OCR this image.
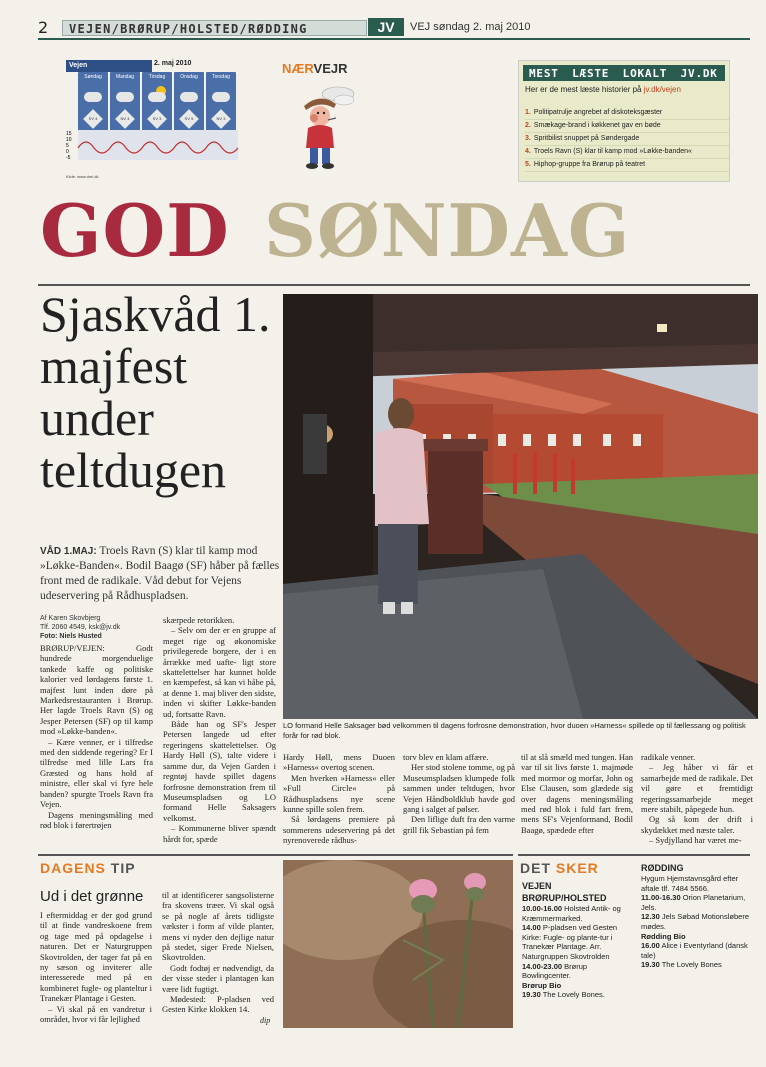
2	VEJEN/BRØRUP/HOLSTED/RØDDING	JV	VEJ søndag 2. maj 2010
Vejen	2. maj 2010
Søndag
SV 4
Mandag
NV 4
Tirsdag
SV 3
Onsdag
SV 5
Torsdag
NV 3
15
10
5
0
-5
Kilde: www.dmi.dk
NÆRVEJR	MEST LÆSTE LOKALT JV.DK
Her er de mest læste historier på jv.dk/vejen
1. Politipatrulje angrebet af diskoteksgæster
2. Smækage-brand i køkkenet gav en bøde
3. Spritbilist snuppet på Søndergade
4. Troels Ravn (S) klar til kamp mod »Løkke-banden«
5. Hiphop-gruppe fra Brørup på teatret
GOD SØNDAG
Sjaskvåd 1. majfest under teltdugen
VÅD 1.MAJ: Troels Ravn (S) klar til kamp mod »Løkke-Banden«. Bodil Baagø (SF) håber på fælles front med de radikale. Våd debut for Vejens udeservering på Rådhuspladsen.
Af Karen Skovbjerg
Tlf. 2060 4549, ksk@jv.dk
Foto: Niels Husted
LO formand Helle Saksager bød velkommen til dagens forfrosne demonstration, hvor duoen »Harness« spillede op til fællessang og politisk forår for rød blok.

BRØRUP/VEJEN: Godt hundrede morgenduelige tankede kaffe og politiske kalorier ved lørdagens første 1. majfest lunt inden døre på Markedsrestauranten i Brørup. Her lagde Troels Ravn (S) og Jesper Petersen (SF) op til kamp mod »Løkke-banden«.

– Kære venner, er i tilfredse med den siddende regering? Er I tilfredse med lille Lars fra Græsted og hans hold af ministre, eller skal vi fyre hele banden? spurgte Troels Ravn fra Vejen.

Dagens meningsmåling med rød blok i førertrøjen

skærpede retorikken.

– Selv om der er en gruppe af meget rige og økonomiske privilegerede borgere, der i en årrække med uafte- ligt store skattelettelser har kunnet holde en kæmpefest, så kan vi håbe på, at denne 1. maj bliver den sidste, inden vi skifter Løkke-banden ud, fortsatte Ravn.

Både han og SF's Jesper Petersen langede ud efter regeringens skattelettelser. Og Hardy Høll (S), talte videre i samme dur, da Vejen Garden i regntøj havde spillet dagens forfrosne demonstration frem til Museumspladsen og LO formand Helle Saksagers velkomst.

– Kommunerne bliver spændt hårdt for, spæde

Hardy Høll, mens Duoen »Harness« overtog scenen.

Men hverken »Harness« eller »Full Circle« på Rådhuspladsens nye scene kunne spille solen frem.

Så lørdagens premiere på sommerens udeservering på det nyrenoverede rådhus-

torv blev en klam affære.

Her stod stolene tomme, og på Museumspladsen klumpede folk sammen under teltdugen, hvor Vejen Håndboldklub havde god gang i salget af pølser.

Den liflige duft fra den varme grill fik Sebastian på fem

til at slå smæld med tungen. Han var til sit livs første 1. majmøde med mormor og morfar, John og Else Clausen, som glædede sig over dagens meningsmåling med rød blok i fuld fart frem, mens SF's Vejenformand, Bodil Baagø, spædede efter

radikale venner.

– Jeg håber vi får et samarbejde med de radikale. Det vil gøre et fremtidigt regeringssamarbejde meget mere stabilt, påpegede hun.

Og så kom der drift i skydækket med næste taler.

– Sydjylland har været me-

DAGENS TIP
Ud i det grønne

I eftermiddag er der god grund til at finde vandreskoene frem og tage med på opdagelse i naturen. Det er Naturgruppen Skovtrolden, der tager fat på en ny sæson og inviterer alle interesserede med på en kombineret fugle- og planteltur i Tranekær Plantage i Gesten.

– Vi skal på en vandretur i området, hvor vi får lejlighed

til at identificerer sangsolisterne fra skovens træer. Vi skal også se på nogle af årets tidligste vækster i form af vilde planter, mens vi nyder den dejlige natur på stedet, siger Frede Nielsen, Skovtrolden.

Godt fodtøj er nødvendigt, da der visse steder i plantagen kan være lidt fugtigt.

Mødested: P-pladsen ved Gesten Kirke klokken 14.

dip
DET SKER
VEJEN
BRØRUP/HOLSTED
10.00-16.00 Holsted Antik- og Kræmmermarked.
14.00 P-pladsen ved Gesten Kirke: Fugle- og plante-tur i Tranekær Plantage. Arr. Naturgruppen Skovtrolden
14.00-23.00 Brørup Bowlingcenter.
Brørup Bio
19.30 The Lovely Bones.
RØDDING
Hygum Hjemstavnsgård efter aftale tlf. 7484 5566.
11.00-16.30 Orion Planetarium, Jels.
12.30 Jels Søbad Motionsløbere mødes.
Rødding Bio
16.00 Alice i Eventyrland (dansk tale)
19.30 The Lovely Bones
